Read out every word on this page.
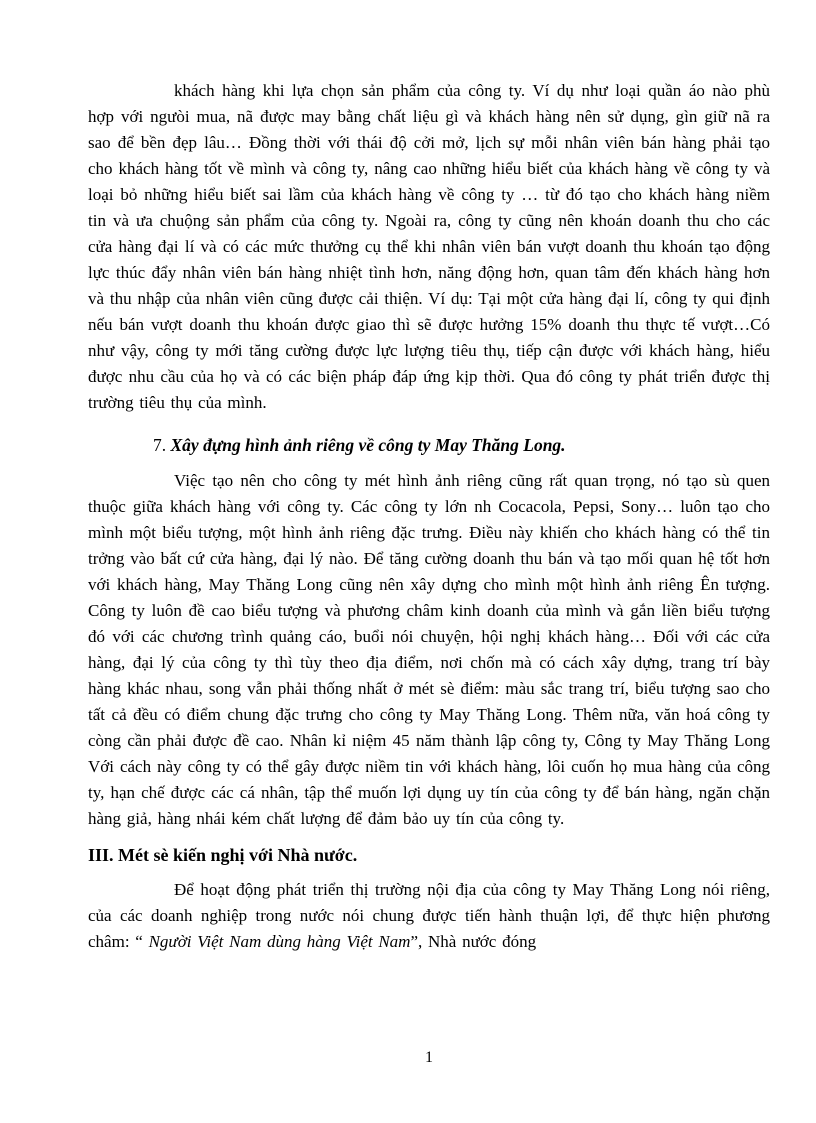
khách hàng khi lựa chọn sản phẩm của công ty. Ví dụ như loại quần áo nào phù hợp với ngưòi mua, nã được may bằng chất liệu gì và khách hàng nên sử dụng, gìn giữ nã ra sao để bền đẹp lâu… Đồng thời với thái độ cởi mở, lịch sự mỗi nhân viên bán hàng phải tạo cho khách hàng tốt về mình và công ty, nâng cao những hiểu biết của khách hàng về công ty và loại bỏ những hiểu biết sai lầm của khách hàng về công ty … từ đó tạo cho khách hàng niềm tin và ưa chuộng sản phẩm của công ty. Ngoài ra, công ty cũng nên khoán doanh thu cho các cửa hàng đại lí và có các mức thưởng cụ thể khi nhân viên bán vượt doanh thu khoán tạo động lực thúc đẩy nhân viên bán hàng nhiệt tình hơn, năng động hơn, quan tâm đến khách hàng hơn và thu nhập của nhân viên cũng được cải thiện. Ví dụ: Tại một cửa hàng đại lí, công ty qui định nếu bán vượt doanh thu khoán được giao thì sẽ được hưởng 15% doanh thu thực tế vượt…Có như vậy, công ty mới tăng cường được lực lượng tiêu thụ, tiếp cận được với khách hàng, hiểu được nhu cầu của họ và có các biện pháp đáp ứng kịp thời. Qua đó công ty phát triển được thị trường tiêu thụ của mình.

7. Xây đựng hình ảnh riêng về công ty May Thăng Long.

Việc tạo nên cho công ty mét hình ảnh riêng cũng rất quan trọng, nó tạo sù quen thuộc giữa khách hàng với công ty. Các công ty lớn nh Cocacola, Pepsi, Sony… luôn tạo cho mình một biểu tượng, một hình ảnh riêng đặc trưng. Điều này khiến cho khách hàng có thể tin trởng vào bất cứ cửa hàng, đại lý nào. Để tăng cường doanh thu bán và tạo mối quan hệ tốt hơn với khách hàng, May Thăng Long cũng nên xây dựng cho mình một hình ảnh riêng Ên tượng. Công ty luôn đề cao biểu tượng và phương châm kinh doanh của mình và gắn liền biểu tượng đó với các chương trình quảng cáo, buổi nói chuyện, hội nghị khách hàng… Đối với các cửa hàng, đại lý của công ty thì tùy theo địa điểm, nơi chốn mà có cách xây dựng, trang trí bày hàng khác nhau, song vẫn phải thống nhất ở mét sè điểm: màu sắc trang trí, biểu tượng sao cho tất cả đều có điểm chung đặc trưng cho công ty May Thăng Long. Thêm nữa, văn hoá công ty còng cần phải được đề cao. Nhân kỉ niệm 45 năm thành lập công ty, Công ty May Thăng Long Với cách này công ty có thể gây được niềm tin với khách hàng, lôi cuốn họ mua hàng của công ty, hạn chế được các cá nhân, tập thể muốn lợi dụng uy tín của công ty để bán hàng, ngăn chặn hàng giả, hàng nhái kém chất lượng để đảm bảo uy tín của công ty.

III. Mét sè kiến nghị với Nhà nước.

Để hoạt động phát triển thị trường nội địa của công ty May Thăng Long nói riêng, của các doanh nghiệp trong nước nói chung được tiến hành thuận lợi, để thực hiện phương châm: “ Người Việt Nam dùng hàng Việt Nam”, Nhà nước đóng

1
